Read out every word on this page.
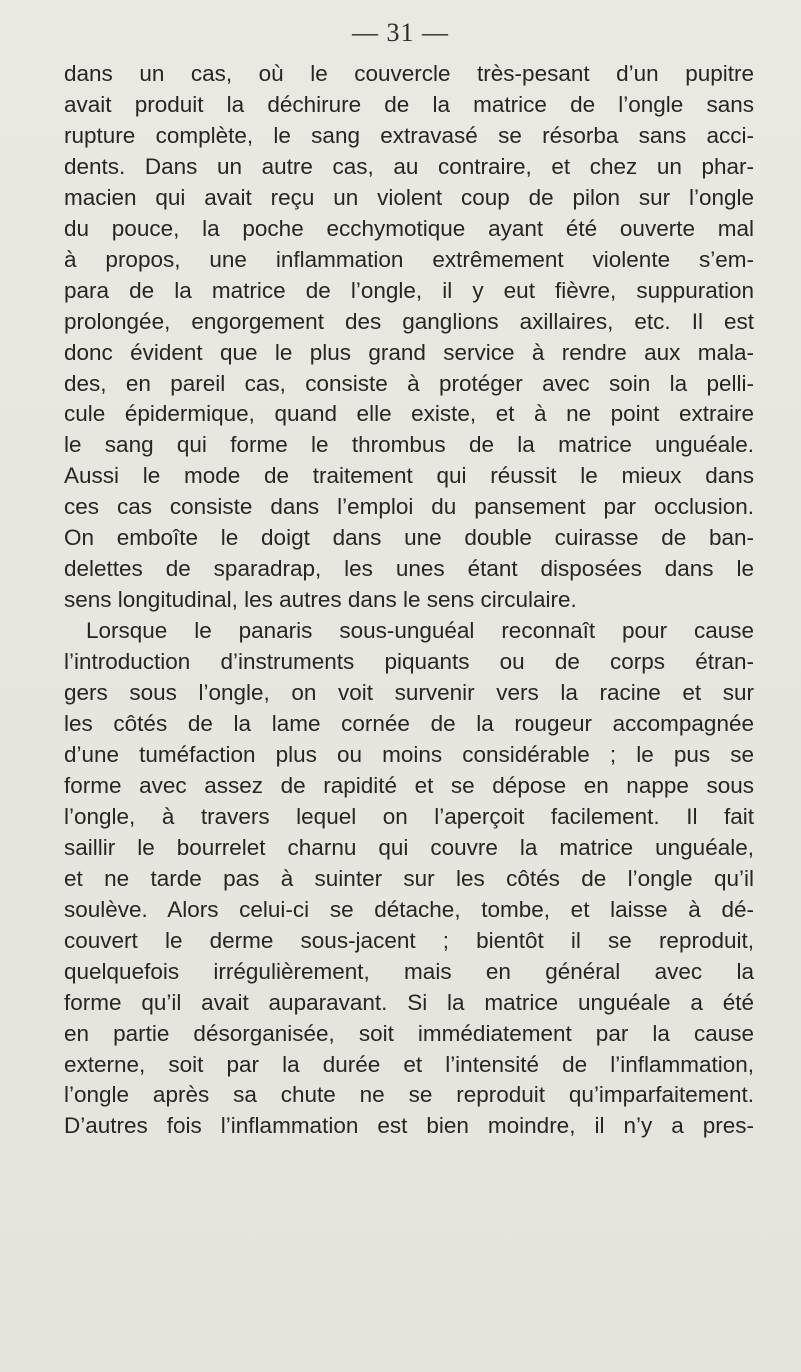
— 31 —
dans un cas, où le couvercle très-pesant d’un pupitre
avait produit la déchirure de la matrice de l’ongle sans
rupture complète, le sang extravasé se résorba sans acci-
dents. Dans un autre cas, au contraire, et chez un phar-
macien qui avait reçu un violent coup de pilon sur l’ongle
du pouce, la poche ecchymotique ayant été ouverte mal
à propos, une inflammation extrêmement violente s’em-
para de la matrice de l’ongle, il y eut fièvre, suppuration
prolongée, engorgement des ganglions axillaires, etc. Il est
donc évident que le plus grand service à rendre aux mala-
des, en pareil cas, consiste à protéger avec soin la pelli-
cule épidermique, quand elle existe, et à ne point extraire
le sang qui forme le thrombus de la matrice unguéale.
Aussi le mode de traitement qui réussit le mieux dans
ces cas consiste dans l’emploi du pansement par occlusion.
On emboîte le doigt dans une double cuirasse de ban-
delettes de sparadrap, les unes étant disposées dans le
sens longitudinal, les autres dans le sens circulaire.
Lorsque le panaris sous-unguéal reconnaît pour cause
l’introduction d’instruments piquants ou de corps étran-
gers sous l’ongle, on voit survenir vers la racine et sur
les côtés de la lame cornée de la rougeur accompagnée
d’une tuméfaction plus ou moins considérable ; le pus se
forme avec assez de rapidité et se dépose en nappe sous
l’ongle, à travers lequel on l’aperçoit facilement. Il fait
saillir le bourrelet charnu qui couvre la matrice unguéale,
et ne tarde pas à suinter sur les côtés de l’ongle qu’il
soulève. Alors celui-ci se détache, tombe, et laisse à dé-
couvert le derme sous-jacent ; bientôt il se reproduit,
quelquefois irrégulièrement, mais en général avec la
forme qu’il avait auparavant. Si la matrice unguéale a été
en partie désorganisée, soit immédiatement par la cause
externe, soit par la durée et l’intensité de l’inflammation,
l’ongle après sa chute ne se reproduit qu’imparfaitement.
D’autres fois l’inflammation est bien moindre, il n’y a pres-
